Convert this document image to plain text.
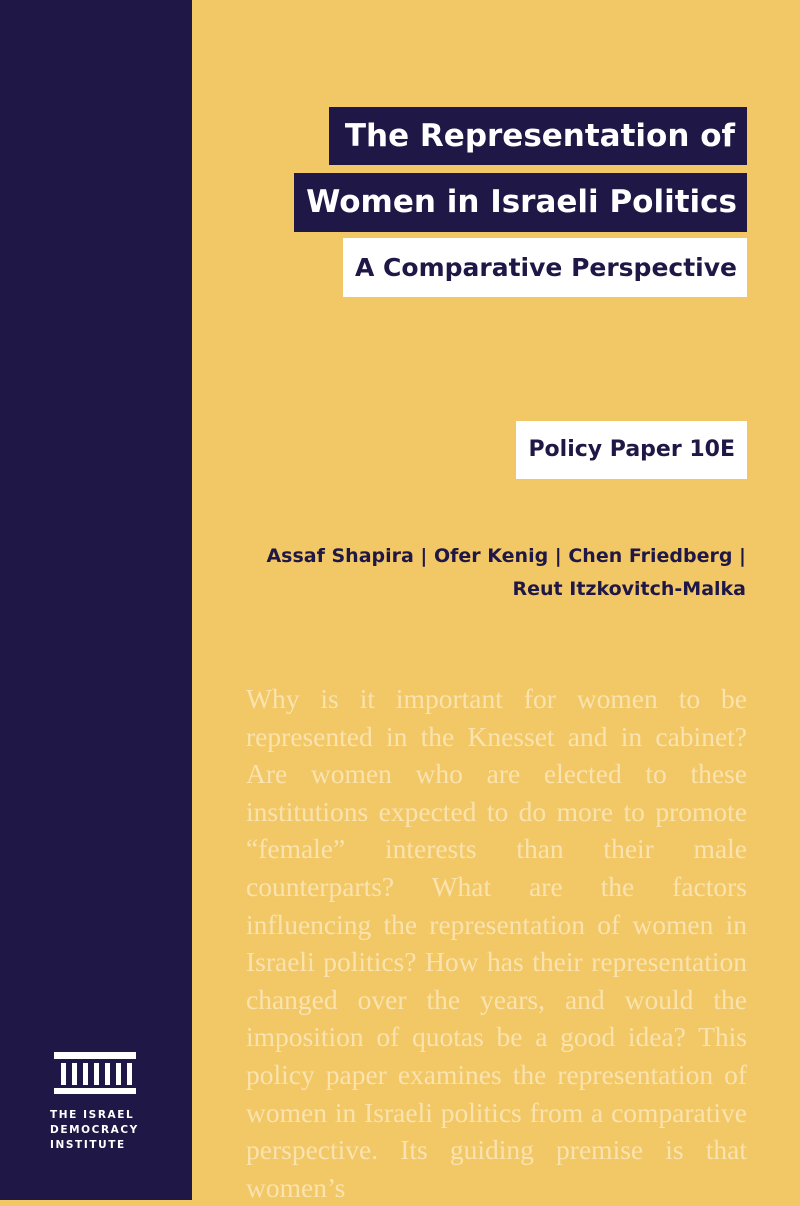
THE ISRAEL
DEMOCRACY
INSTITUTE
The Representation of
Women in Israeli Politics
A Comparative Perspective
Policy Paper 10E
Assaf Shapira | Ofer Kenig | Chen Friedberg |
Reut Itzkovitch-Malka

Why is it important for women to be represented in the Knesset and in cabinet? Are women who are elected to these institutions expected to do more to promote “female” interests than their male counterparts? What are the factors influencing the representation of women in Israeli politics? How has their representation changed over the years, and would the imposition of quotas be a good idea? This policy paper examines the representation of women in Israeli politics from a comparative perspective. Its guiding premise is that women’s
